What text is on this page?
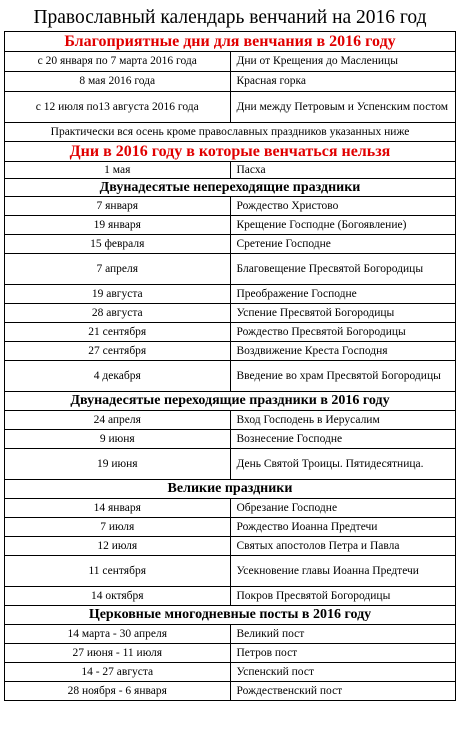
Православный календарь венчаний на 2016 год	
Благоприятные дни для венчания в 2016 году	
с 20 января по 7 марта 2016 года	Дни от Крещения до Масленицы
8 мая 2016 года	Красная горка
с 12 июля по13 августа 2016 года	Дни между Петровым и Успенским постом
Практически вся осень кроме православных праздников указанных ниже	
Дни в 2016 году в которые венчаться нельзя	
1 мая	Пасха
Двунадесятые непереходящие праздники	
7 января	Рождество Христово
19 января	Крещение Господне (Богоявление)
15 февраля	Сретение Господне
7 апреля	Благовещение Пресвятой Богородицы
19 августа	Преображение Господне
28 августа	Успение Пресвятой Богородицы
21 сентября	Рождество Пресвятой Богородицы
27 сентября	Воздвижение Креста Господня
4 декабря	Введение во храм Пресвятой Богородицы
Двунадесятые переходящие праздники в 2016 году	
24 апреля	Вход Господень в Иерусалим
9 июня	Вознесение Господне
19 июня	День Святой Троицы. Пятидесятница.
Великие праздники	
14 января	Обрезание Господне
7 июля	Рождество Иоанна Предтечи
12 июля	Святых апостолов Петра и Павла
11 сентября	Усекновение главы Иоанна Предтечи
14 октября	Покров Пресвятой Богородицы
Церковные многодневные посты в 2016 году	
14 марта - 30 апреля	Великий пост
27 июня - 11 июля	Петров пост
14 - 27 августа	Успенский пост
28 ноября - 6 января	Рождественский пост
